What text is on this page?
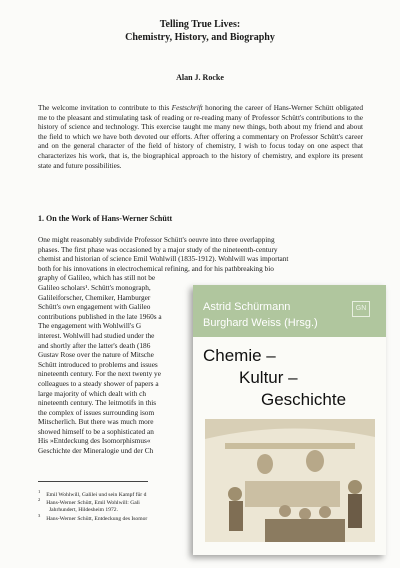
Telling True Lives:
Chemistry, History, and Biography
Alan J. Rocke

The welcome invitation to contribute to this Festschrift honoring the career of Hans-Werner Schütt obligated me to the pleasant and stimulating task of reading or re-reading many of Professor Schütt's contributions to the history of science and technology. This exercise taught me many new things, both about my friend and about the field to which we have both devoted our efforts. After offering a commentary on Professor Schütt's career and on the general character of the field of history of chemistry, I wish to focus today on one aspect that characterizes his work, that is, the biographical approach to the history of chemistry, and explore its present state and future possibilities.

1. On the Work of Hans-Werner Schütt
One might reasonably subdivide Professor Schütt's oeuvre into three overlapping
phases. The first phase was occasioned by a major study of the nineteenth-century
chemist and historian of science Emil Wohlwill (1835-1912). Wohlwill was important
both for his innovations in electrochemical refining, and for his pathbreaking bio
graphy of Galileo, which has still not be
Galileo scholars¹. Schütt's monograph,
Galileiforscher, Chemiker, Hamburger
Schütt's own engagement with Galileo
contributions published in the late 1960s a
The engagement with Wohlwill's G
interest. Wohlwill had studied under the
and shortly after the latter's death (186
Gustav Rose over the nature of Mitsche
Schütt introduced to problems and issues
nineteenth century. For the next twenty ye
colleagues to a steady shower of papers a
large majority of which dealt with ch
nineteenth century. The leitmotifs in this
the complex of issues surrounding isom
Mitscherlich. But there was much more
showed himself to be a sophisticated an
His »Entdeckung des Isomorphismus«
Geschichte der Mineralogie und der Ch
$^1$Emil Wohlwill, Galilei und sein Kampf für d
$^2$Hans-Werner Schütt, Emil Wohlwill: Gali
Jahrhundert, Hildesheim 1972.
$^3$Hans-Werner Schütt, Entdeckung des Isomor
Astrid Schürmann
Burghard Weiss (Hrsg.)
GN
Chemie –
Kultur –
Geschichte
